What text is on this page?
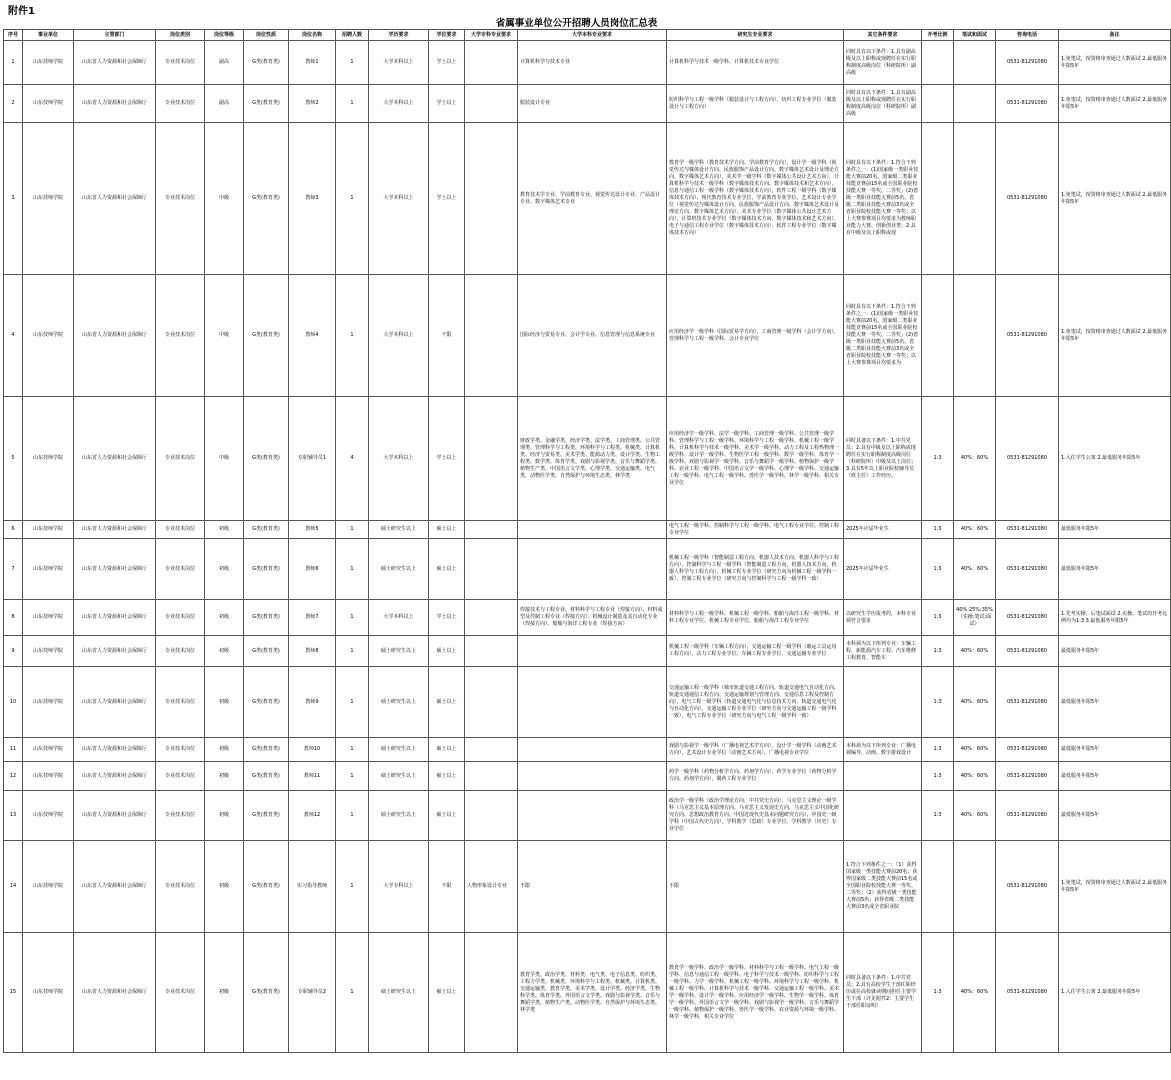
附件1
省属事业单位公开招聘人员岗位汇总表
序号	事业单位	主管部门	岗位类别	岗位等级	岗位性质	岗位名称	招聘人数	学历要求	学位要求	大学专科专业要求	大学本科专业要求	研究生专业要求	其它条件要求	开考比例	笔试和面试	咨询电话	备注

1	山东技师学院	山东省人力资源和社会保障厅	专业技术岗位	副高	G类(教育类)	教师1	1	大学本科以上	学士以上		计算机科学与技术专业	计算机科学与技术一级学科、计算机技术专业学位	同时具有以下条件：1.具有副高级及以上职称或现聘任在实行职称制度高级岗位（科研院所）副高级			0531-81291080	1.免笔试，按资格审查通过人数面试 2.最低服务年限5年

2	山东技师学院	山东省人力资源和社会保障厅	专业技术岗位	副高	G类(教育类)	教师2	1	大学本科以上	学士以上		服装设计专业	纺织科学与工程一级学科（服装设计与工程方向），纺织工程专业学位（服装设计与工程方向）	同时具有以下条件：1.具有副高级及以上职称或现聘任在实行职称制度高级岗位（科研院所）副高级			0531-81291080	1.免笔试，按资格审查通过人数面试 2.最低服务年限5年

3	山东技师学院	山东省人力资源和社会保障厅	专业技术岗位	中级	G类(教育类)	教师3	1	大学本科以上	学士以上		教育技术学专业、学前教育专业、视觉传达设计专业、产品设计专业、数字媒体艺术专业	教育学一级学科（教育技术学方向、学前教育学方向），设计学一级学科（视觉传达与媒体设计方向、民族服饰产品设计方向、数字媒体艺术设计及理论方向、数字媒体艺术方向），美术学一级学科（数字媒体公共设计艺术方向），计算机科学与技术一级学科（数字媒体技术方向、数字媒体技术和艺术方向），信息与通信工程一级学科（数字媒体技术方向），软件工程一级学科（数字媒体技术方向）、现代教育技术专业学位、学前教育专业学位、艺术设计专业学位（视觉传达与媒体设计方向、民族服饰产品设计方向、数字媒体艺术设计及理论方向、数字媒体艺术方向），美术专业学位（数字媒体公共设计艺术方向），计算机技术专业学位（数字媒体技术方向、数字媒体技术和艺术方向），电子与通信工程专业学位（数字媒体技术方向）、软件工程专业学位（数字媒体技术方向）	同时具有以下条件：1.符合下列条件之一：(1)国家级一类职业技能大赛前20名、国家级二类职业技能竞赛前15名或全国职业院校技能大赛一等奖、二等奖；(2)省级一类职业技能大赛前5名、省级二类职业技能大赛前3名或全省职业院校技能大赛一等奖；以上大赛参赛项目均要求为教师职业能力大赛、创新创业类；2.具有中级及以上职称或现			0531-81291080	1.免笔试，按资格审查通过人数面试 2.最低服务年限5年

4	山东技师学院	山东省人力资源和社会保障厅	专业技术岗位	中级	G类(教育类)	教师4	1	大学本科以上	不限		国际经济与贸易专业、会计学专业、信息管理与信息系统专业	应用经济学一级学科（国际贸易学方向），工商管理一级学科（会计学方向），管理科学与工程一级学科、会计专业学位	同时具有以下条件：1.符合下列条件之一：(1)国家级一类职业技能大赛前20名、国家级二类职业技能竞赛前15名或全国职业院校技能大赛一等奖、二等奖；(2)省级一类职业技能大赛前5名、省级二类职业技能大赛前3名或全省职业院校技能大赛一等奖；以上大赛参赛项目均要求为			0531-81291080	1.免笔试，按资格审查通过人数面试 2.最低服务年限5年

5	山东技师学院	山东省人力资源和社会保障厅	专业技术岗位	中级	G类(教育类)	专职辅导员1	4	大学本科以上	学士以上		财政学类、金融学类、经济学类、法学类、工商管理类、公共管理类、管理科学与工程类、环境科学与工程类、机械类、计算机类、经济与贸易类、美术学类、能源动力类、设计学类、生物工程类、数学类、体育学类、戏剧与影视学类、音乐与舞蹈学类、植物生产类、中国语言文学类、心理学类、交通运输类、电气类、动物医学类、自然保护与环境生态类、林学类	应用经济学一级学科、法学一级学科、工商管理一级学科、公共管理一级学科、管理科学与工程一级学科、环境科学与工程一级学科、机械工程一级学科、计算机科学与技术一级学科、美术学一级学科、动力工程及工程热物理一级学科、设计学一级学科、生物医学工程一级学科、数学一级学科、体育学一级学科、戏剧与影视学一级学科、音乐与舞蹈学一级学科、植物保护一级学科、农业工程一级学科、中国语言文学一级学科、心理学一级学科、交通运输工程一级学科、电气工程一级学科、兽医学一级学科、林学一级学科、相关专业学位	同时具备以下条件：1.中共党员；2.具有中级及以上职称或现聘任在实行职称制度高级岗位（科研院所）中级及以上岗位；3.具有5年以上职业院校辅导员（班主任）工作经历。	1:3	40%：60%	0531-81291080	1.入住学生公寓 2.最低服务年限5年

6	山东技师学院	山东省人力资源和社会保障厅	专业技术岗位	初级	G类(教育类)	教师5	1	硕士研究生以上	硕士以上			电气工程一级学科、控制科学与工程一级学科、电气工程专业学位、控制工程专业学位	2025年应届毕业生	1:3	40%：60%	0531-81291080	最低服务年限5年

7	山东技师学院	山东省人力资源和社会保障厅	专业技术岗位	初级	G类(教育类)	教师6	1	硕士研究生以上	硕士以上			机械工程一级学科（智能制造工程方向、机器人技术方向、机器人科学与工程方向），控制科学与工程一级学科（智能制造工程方向、机器人技术方向、机器人科学与工程方向），机械工程专业学位（研究方向为机械工程一级学科一致），控制工程专业学位（研究方向与控制科学与工程一级学科一致）	2025年应届毕业生	1:3	40%：60%	0531-81291080	最低服务年限5年

8	山东技师学院	山东省人力资源和社会保障厅	专业技术岗位	初级	G类(教育类)	教师7	1	大学本科以上	学士以上		焊接技术与工程专业、材料科学与工程专业（焊接方向）、材料成型及控制工程专业（焊接方向）、机械设计制造及其自动化专业（焊接方向）、船舶与海洋工程专业（焊接方向）	材料科学与工程一级学科、机械工程一级学科、船舶与海洋工程一级学科、材料工程专业学位、机械工程专业学位、船舶与海洋工程专业学位	以研究生学历报考的，本科专业须符合要求	1:3	40%:25%:35%（实操:笔试:面试）	0531-81291080	1.先考实操，后笔试面试 2.实操、笔试的开考比例均为1:3 3.最低服务年限5年

9	山东技师学院	山东省人力资源和社会保障厅	专业技术岗位	初级	G类(教育类)	教师8	1	硕士研究生以上	硕士以上			机械工程一级学科（车辆工程方向），交通运输工程一级学科（载运工具运用工程方向），动力工程专业学位、车辆工程专业学位、交通运输专业学位	本科须为以下所列专业：车辆工程、新能源汽车工程、汽车维修工程教育、智能车	1:3	40%：60%	0531-81291080	最低服务年限5年

10	山东技师学院	山东省人力资源和社会保障厅	专业技术岗位	初级	G类(教育类)	教师9	1	硕士研究生以上	硕士以上			交通运输工程一级学科（城市轨道交通工程方向、轨道交通电气自动化方向、轨道交通通信工程方向、交通运输规划与管理方向、交通信息工程及控制方向），电气工程一级学科（轨道交通电气化与信息技术方向、轨道交通电气化与自动化方向），交通运输工程专业学位（研究方向与交通运输工程一级学科一致），电气工程专业学位（研究方向与电气工程一级学科一致）		1:3	40%：60%	0531-81291080	最低服务年限5年

11	山东技师学院	山东省人力资源和社会保障厅	专业技术岗位	初级	G类(教育类)	教师10	1	硕士研究生以上	硕士以上			戏剧与影视学一级学科（广播电视艺术学方向），设计学一级学科（动画艺术方向），艺术设计专业学位（动画艺术方向），广播电视专业学位	本科须为以下所列专业：广播电视编导、动画、数字游戏设计	1:3	40%：60%	0531-81291080	最低服务年限5年

12	山东技师学院	山东省人力资源和社会保障厅	专业技术岗位	初级	G类(教育类)	教师11	1	硕士研究生以上	硕士以上			药学一级学科（药物分析学方向、药剂学方向），药学专业学位（药物分析学方向、药剂学方向），制药工程专业学位		1:3	40%：60%	0531-81291080	最低服务年限5年

13	山东技师学院	山东省人力资源和社会保障厅	专业技术岗位	初级	G类(教育类)	教师12	1	硕士研究生以上	硕士以上			政治学一级学科（政治学理论方向、中共党史方向），马克思主义理论一级学科（马克思主义基本原理方向、马克思主义发展史方向、马克思主义中国化研究方向、思想政治教育方向、中国近现代史基本问题研究方向），中国史一级学科（中国古代史方向），学科教学（思政）专业学位、学科教学（历史）专业学位		1:3	40%：60%	0531-81291080	最低服务年限5年

14	山东技师学院	山东省人力资源和社会保障厅	专业技术岗位	初级	G类(教育类)	实习指导教师	1	大学专科以上	不限	人物形象设计专业	不限	不限	1.符合下列条件之一：（1）获得国家级一类技能大赛前20名；获得国家级二类技能大赛前15名或全国职业院校技能大赛一等奖、二等奖；（2）获得省级一类技能大赛前5名；获得省级二类技能大赛前3名或全省职业院			0531-81291080	1.免笔试，按资格审查通过人数面试 2.最低服务年限5年

15	山东技师学院	山东省人力资源和社会保障厅	专业技术岗位	初级	G类(教育类)	专职辅导员2	1	硕士研究生以上	硕士以上		教育学类、政治学类、材料类、电气类、电子信息类、纺织类、工程力学类、机械类、环境科学与工程类、机械类、计算机类、交通运输类、教育学类、美术学类、设计学类、经济学类、生物科学类、体育学类、外国语言文学类、戏剧与影视学类、音乐与舞蹈学类、植物生产类、动物医学类、自然保护与环境生态类、林学类	教育学一级学科、政治学一级学科、材料科学与工程一级学科、电气工程一级学科、信息与通信工程一级学科、电子科学与技术一级学科、纺织科学与工程一级学科、力学一级学科、机械工程一级学科、环境科学与工程一级学科、机械工程一级学科、计算机科学与技术一级学科、交通运输工程一级学科、美术学一级学科、设计学一级学科、应用经济学一级学科、生物学一级学科、体育学一级学科、外国语言文学一级学科、戏剧与影视学一级学科、音乐与舞蹈学一级学科、植物保护一级学科、兽医学一级学科、农业资源与环境一级学科、林学一级学科，相关专业学位	同时具备以下条件：1.中共党员；2.具有高校学生干部任职经历或在高校就读期间担任主要学生干部（详见附件2：主要学生干部任职证明）	1:3	40%：60%	0531-81291080	1.入住学生公寓 2.最低服务年限5年
